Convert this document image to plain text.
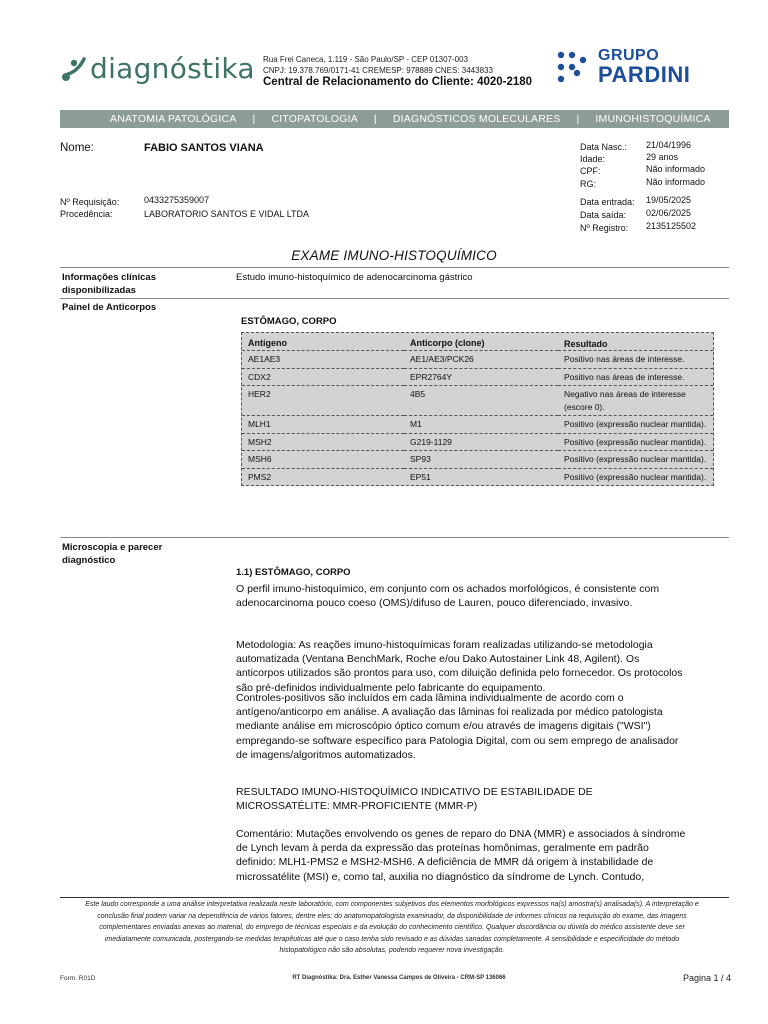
diagnóstika Rua Frei Caneca, 1.119 - São Paulo/SP - CEP 01307-003
CNPJ: 19.378.769/0171-41 CREMESP: 978889 CNES: 3443833
Central de Relacionamento do Cliente: 4020-2180
GRUPO
PARDINI
ANATOMIA PATOLÓGICA | CITOPATOLOGIA | DIAGNÓSTICOS MOLECULARES | IMUNOHISTOQUÍMICA
Nome:	FABIO SANTOS VIANA
Nº Requisição:	0433275359007
Procedência:	LABORATORIO SANTOS E VIDAL LTDA
Data Nasc.: 21/04/1996
Idade:	29 anos
CPF:	Não informado
RG:	Não informado
Data entrada: 19/05/2025
Data saída: 02/06/2025
Nº Registro: 2135125502
EXAME IMUNO-HISTOQUÍMICO
Informações clínicas
disponibilizadas
Estudo imuno-histoquímico de adenocarcinoma gástrico
Painel de Anticorpos
ESTÔMAGO, CORPO
Antígeno	Anticorpo (clone)	Resultado
AE1AE3	AE1/AE3/PCK26	Positivo nas áreas de interesse.
CDX2	EPR2764Y	Positivo nas áreas de interesse.
HER2	4B5	Negativo nas áreas de interesse (escore 0).
MLH1	M1	Positivo (expressão nuclear mantida).
MSH2	G219-1129	Positivo (expressão nuclear mantida).
MSH6	SP93	Positivo (expressão nuclear mantida).
PMS2	EP51	Positivo (expressão nuclear mantida).
Microscopia e parecer
diagnóstico
1.1) ESTÔMAGO, CORPO
O perfil imuno-histoquímico, em conjunto com os achados morfológicos, é consistente com adenocarcinoma pouco coeso (OMS)/difuso de Lauren, pouco diferenciado, invasivo.
Metodologia: As reações imuno-histoquímicas foram realizadas utilizando-se metodologia automatizada (Ventana BenchMark, Roche e/ou Dako Autostainer Link 48, Agilent). Os anticorpos utilizados são prontos para uso, com diluição definida pelo fornecedor. Os protocolos são pré-definidos individualmente pelo fabricante do equipamento.
Controles-positivos são incluídos em cada lâmina individualmente de acordo com o antígeno/anticorpo em análise. A avaliação das lâminas foi realizada por médico patologista mediante análise em microscópio óptico comum e/ou através de imagens digitais ("WSI") empregando-se software específico para Patologia Digital, com ou sem emprego de analisador de imagens/algoritmos automatizados.
RESULTADO IMUNO-HISTOQUÍMICO INDICATIVO DE ESTABILIDADE DE MICROSSATÉLITE: MMR-PROFICIENTE (MMR-P)
Comentário: Mutações envolvendo os genes de reparo do DNA (MMR) e associados à síndrome de Lynch levam à perda da expressão das proteínas homônimas, geralmente em padrão definido: MLH1-PMS2 e MSH2-MSH6. A deficiência de MMR dá origem à instabilidade de microssatélite (MSI) e, como tal, auxilia no diagnóstico da síndrome de Lynch. Contudo,
Este laudo corresponde a uma análise interpretativa realizada neste laboratório, com componentes subjetivos dos elementos morfológicos expressos na(s) amostra(s) analisada(s). A interpretação e conclusão final podem variar na dependência de vários fatores, dentre eles: do anatomopatologista examinador, da disponibilidade de informes clínicos na requisição do exame, das imagens complementares enviadas anexas ao material, do emprego de técnicas especiais e da evolução do conhecimento científico. Qualquer discordância ou dúvida do médico assistente deve ser imediatamente comunicada, postergando-se medidas terapêuticas até que o caso tenha sido revisado e as dúvidas sanadas completamente. A sensibilidade e especificidade do método histopatológico não são absolutas, podendo requerer nova investigação.
Form. R01D	RT Diagnóstika: Dra. Esther Vanessa Campos de Oliveira - CRM-SP 136066	Pagina 1 / 4
